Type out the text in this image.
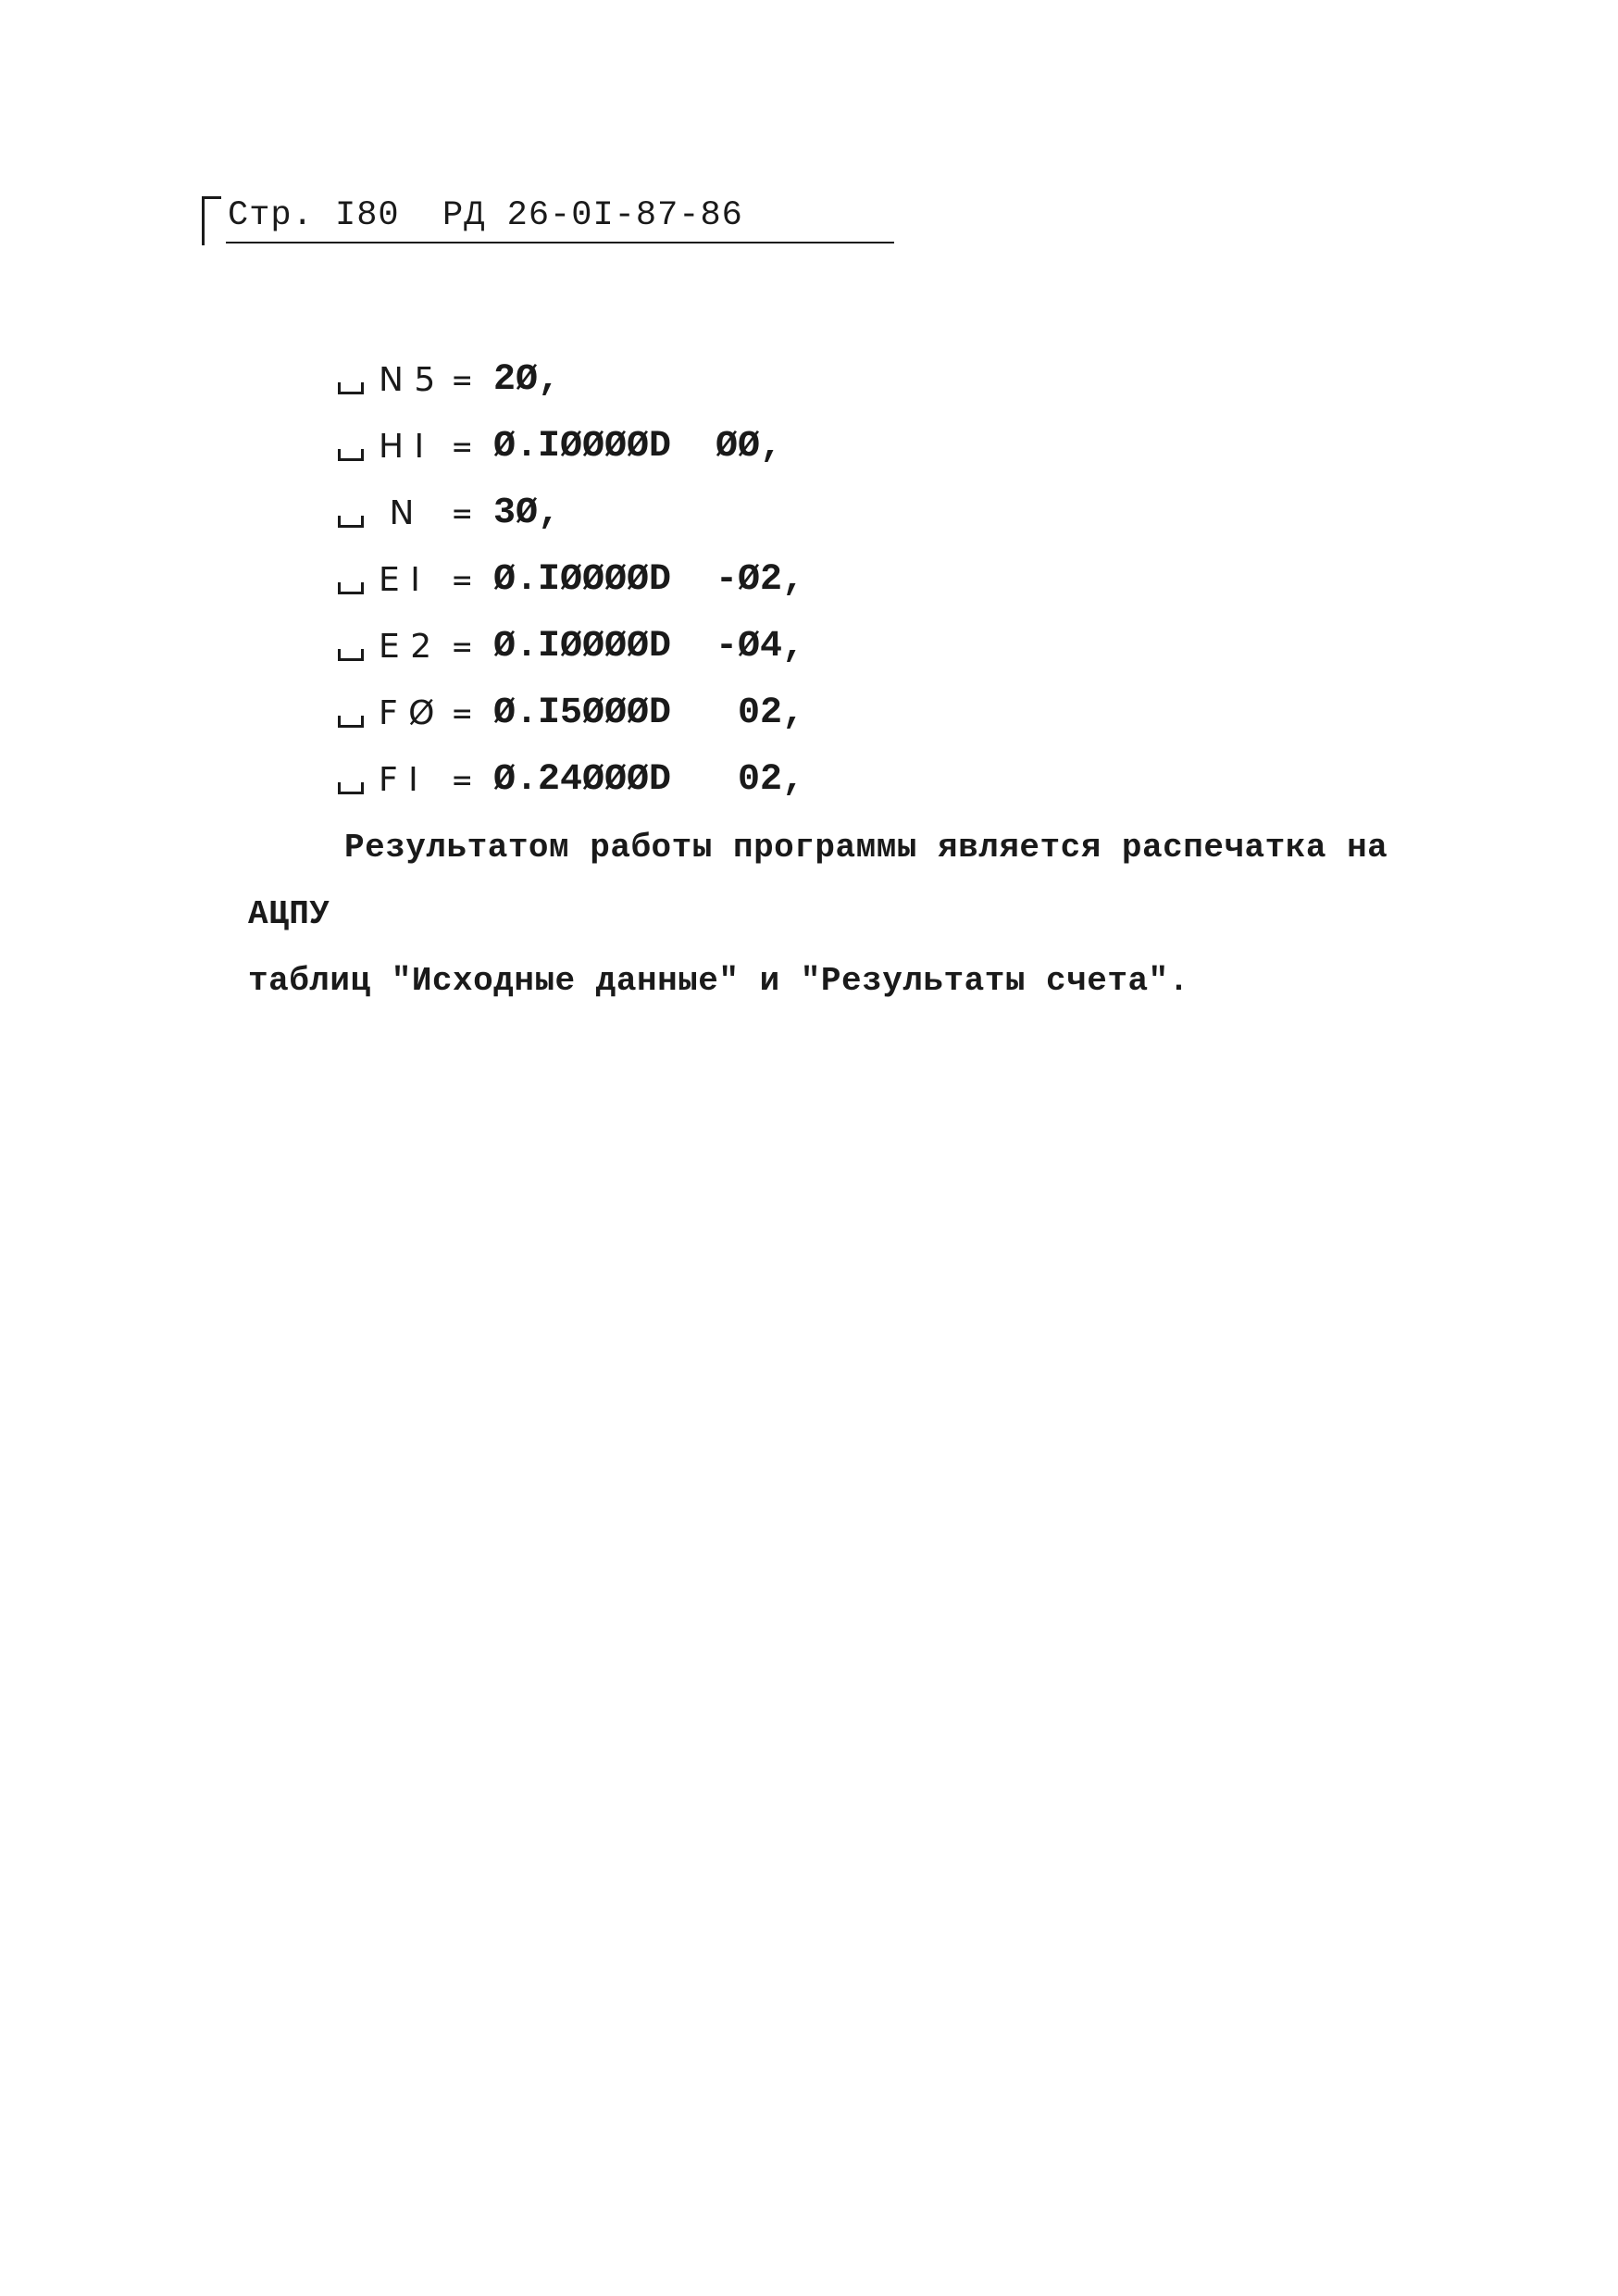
Стр. I80  РД 26-0I-87-86
N 5 = 2Ø,
H I = Ø.IØØØØD  ØØ,
N	= 3Ø,
E I	= Ø.IØØØØD  -Ø2,
E 2 = Ø.IØØØØD  -Ø4,
F Ø = Ø.I5ØØØD   02,
F I	= Ø.24ØØØD   02,
Результатом работы программы является распечатка на АЦПУ
таблиц "Исходные данные" и "Результаты счета".
